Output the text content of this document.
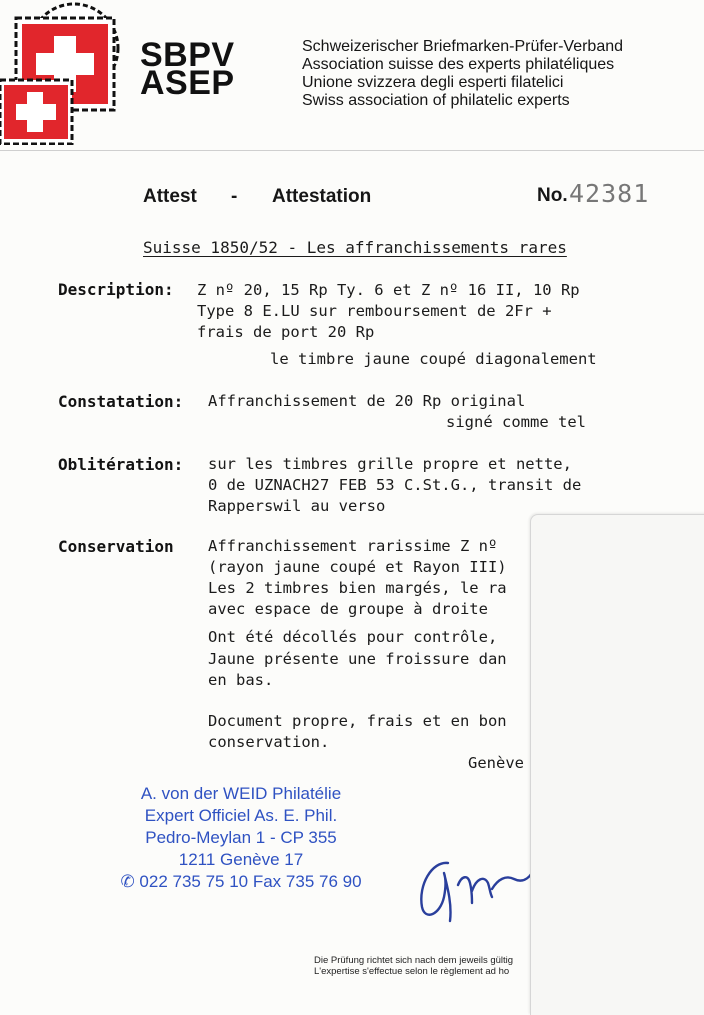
SBPV
ASEP
Schweizerischer Briefmarken-Prüfer-Verband
Association suisse des experts philatéliques
Unione svizzera degli esperti filatelici
Swiss association of philatelic experts
Attest - Attestation	No. 42381
Suisse 1850/52 - Les affranchissements rares
Description: Z nº 20, 15 Rp Ty. 6 et Z nº 16 II, 10 Rp
Type 8 E.LU sur remboursement de 2Fr +
frais de port 20 Rp
le timbre jaune coupé diagonalement
Constatation: Affranchissement de 20 Rp original
signé comme tel
Oblitération: sur les timbres grille propre et nette,
0 de UZNACH27 FEB 53 C.St.G., transit de
Rapperswil au verso
Conservation Affranchissement rarissime Z nº
(rayon jaune coupé et Rayon III)
Les 2 timbres bien margés, le ra
avec espace de groupe à droite
Ont été décollés pour contrôle,
Jaune présente une froissure dan
en bas.
Document propre, frais et en bon
conservation.
Genève
A. von der WEID Philatélie
Expert Officiel As. E. Phil.
Pedro-Meylan 1 - CP 355
1211 Genève 17
✆ 022 735 75 10 Fax 735 76 90
Die Prüfung richtet sich nach dem jeweils gültig
L'expertise s'effectue selon le règlement ad ho
